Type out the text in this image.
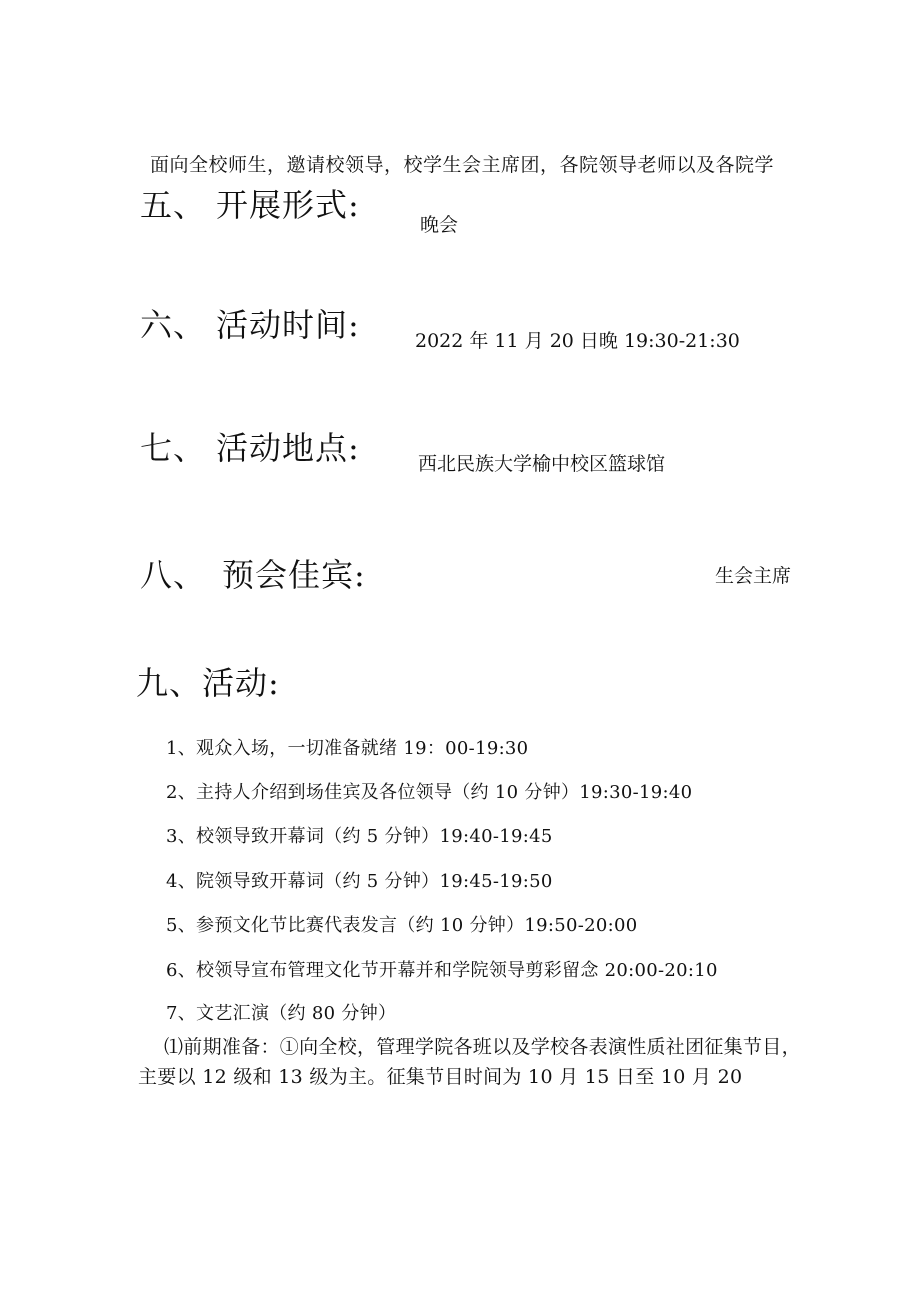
面向全校师生，邀请校领导，校学生会主席团，各院领导老师以及各院学
五、 开展形式:
晚会
六、 活动时间:	2022 年 11 月 20 日晚 19:30-21:30
七、 活动地点:	西北民族大学榆中校区篮球馆
八、 预会佳宾:	生会主席
九、活动:
1、观众入场，一切准备就绪 19：00-19:30
2、主持人介绍到场佳宾及各位领导（约 10 分钟）19:30-19:40
3、校领导致开幕词（约 5 分钟）19:40-19:45
4、院领导致开幕词（约 5 分钟）19:45-19:50
5、参预文化节比赛代表发言（约 10 分钟）19:50-20:00
6、校领导宣布管理文化节开幕并和学院领导剪彩留念 20:00-20:10
7、文艺汇演（约 80 分钟）
⑴前期准备：①向全校，管理学院各班以及学校各表演性质社团征集节目，主要以 12 级和 13 级为主。征集节目时间为 10 月 15 日至 10 月 20
